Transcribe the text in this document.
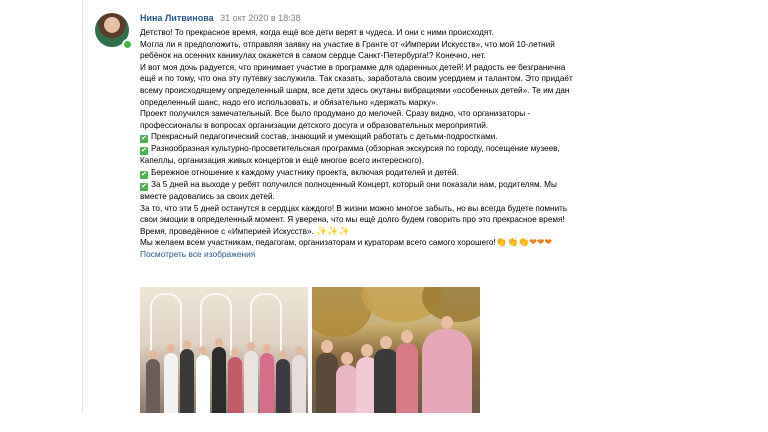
Нина Литвинова 31 окт 2020 в 18:38
Детство! То прекрасное время, когда ещё все дети верят в чудеса. И они с ними происходят.
Могла ли я предположить, отправляя заявку на участие в Гранте от «Империи Искусств», что мой 10-летний
ребёнок на осенних каникулах окажется в самом сердце Санкт-Петербурга!? Конечно, нет.
И вот моя дочь радуется, что принимает участие в программе для одаренных детей! И радость ее безгранична
ещё и по тому, что она эту путевку заслужила. Так сказать, заработала своим усердием и талантом. Это придаёт
всему происходящему определенный шарм, все дети здесь окутаны вибрациями «особенных детей». Те им дан
определенный шанс, надо его использовать, и обязательно «держать марку».
Проект получился замечательный. Все было продумано до мелочей. Сразу видно, что организаторы -
профессионалы в вопросах организации детского досуга и образовательных мероприятий.
✔ Прекрасный педагогический состав, знающий и умеющий работать с детьми-подростками.
✔ Разнообразная культурно-просветительская программа (обзорная экскурсия по городу, посещение музеев,
Капеллы, организация живых концертов и ещё многое всего интересного).
✔ Бережное отношение к каждому участнику проекта, включая родителей и детей.
✔ За 5 дней на выходе у ребят получился полноценный Концерт, который они показали нам, родителям. Мы
вместе радовались за своих детей.
За то, что эти 5 дней останутся в сердцах каждого! В жизни можно многое забыть, но вы всегда будете помнить
свои эмоции в определенный момент. Я уверена, что мы ещё долго будем говорить про это прекрасное время!
Время, проведённое с «Империей Искусств». ✨✨✨
Мы желаем всем участникам, педагогам, организаторам и кураторам всего самого хорошего!👏👏👏❤❤❤
Посмотреть все изображения
